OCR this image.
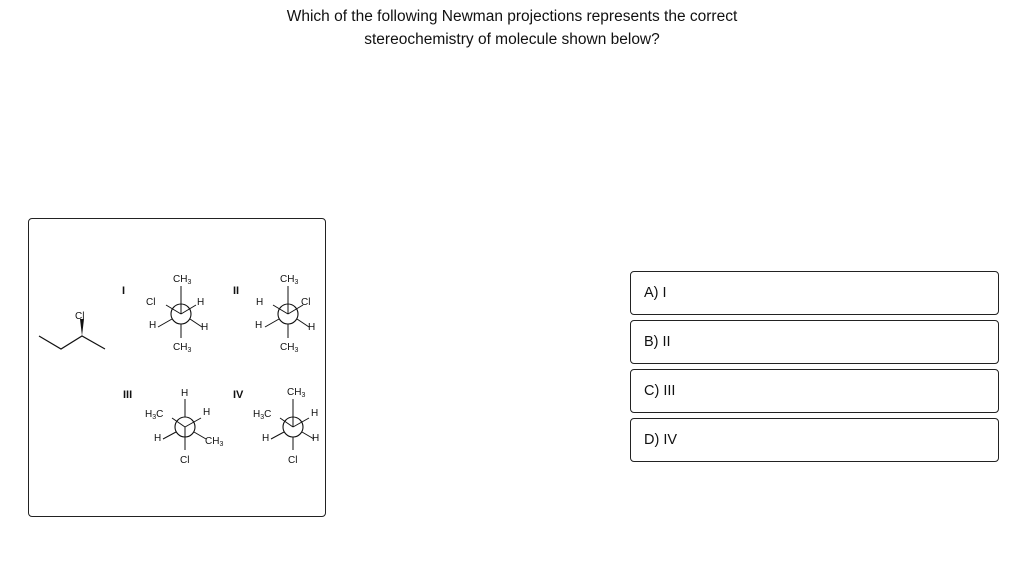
Which of the following Newman projections represents the correct
stereochemistry of molecule shown below?
Cl
I
$CH_3$
Cl	H
H	H
$CH_3$
II
$CH_3$
H	Cl
H	H
$CH_3$
III	H
$H_3C$	H
H	$CH_3$
Cl
IV	$CH_3$
$H_3C$	H
H	H
Cl
A) I
B) II
C) III
D) IV
